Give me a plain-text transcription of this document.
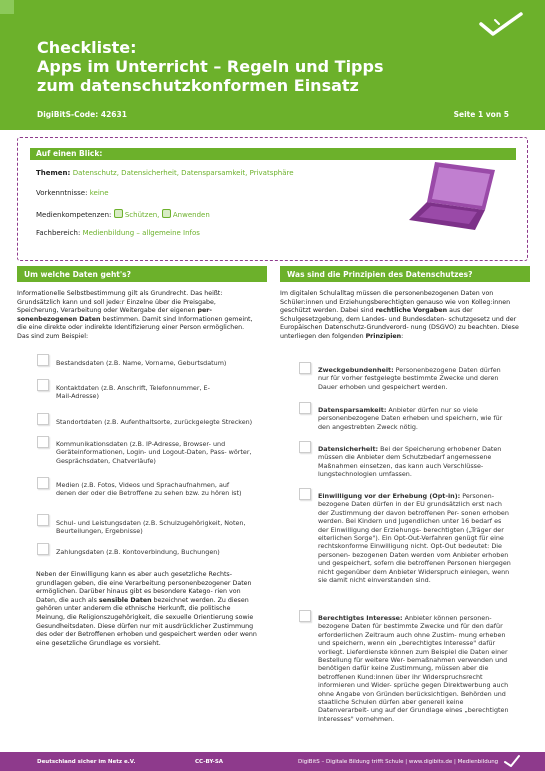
Checkliste:
Apps im Unterricht – Regeln und Tipps
zum datenschutzkonformen Einsatz
DigiBitS-Code: 42631	Seite 1 von 5
Auf einen Blick:
Themen: Datenschutz, Datensicherheit, Datensparsamkeit, Privatsphäre
Vorkenntnisse: keine
Medienkompetenzen:  Schützen, Anwenden
Fachbereich: Medienbildung – allgemeine Infos
Um welche Daten geht's?
Informationelle Selbstbestimmung gilt als Grundrecht. Das heißt: Grundsätzlich kann und soll jede:r Einzelne über die Preisgabe, Speicherung, Verarbeitung oder Weitergabe der eigenen per- sonenbezogenen Daten bestimmen. Damit sind Informationen gemeint, die eine direkte oder indirekte Identifizierung einer Person ermöglichen. Das sind zum Beispiel:
Bestandsdaten (z.B. Name, Vorname, Geburtsdatum)
Kontaktdaten (z.B. Anschrift, Telefonnummer, E-Mail-Adresse)
Standortdaten (z.B. Aufenthaltsorte, zurückgelegte Strecken)
Kommunikationsdaten (z.B. IP-Adresse, Browser- und Geräteinformationen, Login- und Logout-Daten, Pass- wörter, Gesprächsdaten, Chatverläufe)
Medien (z.B. Fotos, Videos und Sprachaufnahmen, auf denen der oder die Betroffene zu sehen bzw. zu hören ist)
Schul- und Leistungsdaten (z.B. Schulzugehörigkeit, Noten, Beurteilungen, Ergebnisse)
Zahlungsdaten (z.B. Kontoverbindung, Buchungen)
Neben der Einwilligung kann es aber auch gesetzliche Rechts- grundlagen geben, die eine Verarbeitung personenbezogener Daten ermöglichen. Darüber hinaus gibt es besondere Katego- rien von Daten, die auch als sensible Daten bezeichnet werden. Zu diesen gehören unter anderem die ethnische Herkunft, die politische Meinung, die Religionszugehörigkeit, die sexuelle Orientierung sowie Gesundheitsdaten. Diese dürfen nur mit ausdrücklicher Zustimmung des oder der Betroffenen erhoben und gespeichert werden oder wenn eine gesetzliche Grundlage es vorsieht.
Was sind die Prinzipien des Datenschutzes?
Im digitalen Schulalltag müssen die personenbezogenen Daten von Schüler:innen und Erziehungsberechtigten genauso wie von Kolleg:innen geschützt werden. Dabei sind rechtliche Vorgaben aus der Schulgesetzgebung, dem Landes- und Bundesdaten- schutzgesetz und der Europäischen Datenschutz-Grundverord- nung (DSGVO) zu beachten. Diese unterliegen den folgenden Prinzipien:
Zweckgebundenheit: Personenbezogene Daten dürfen nur für vorher festgelegte bestimmte Zwecke und deren Dauer erhoben und gespeichert werden.
Datensparsamkeit: Anbieter dürfen nur so viele personenbezogene Daten erheben und speichern, wie für den angestrebten Zweck nötig.
Datensicherheit: Bei der Speicherung erhobener Daten müssen die Anbieter dem Schutzbedarf angemessene Maßnahmen einsetzen, das kann auch Verschlüsse- lungstechnologien umfassen.
Einwilligung vor der Erhebung (Opt-in): Personen- bezogene Daten dürfen in der EU grundsätzlich erst nach der Zustimmung der davon betroffenen Per- sonen erhoben werden. Bei Kindern und Jugendlichen unter 16 bedarf es der Einwilligung der Erziehungs- berechtigten („Träger der elterlichen Sorge"). Ein Opt-Out-Verfahren genügt für eine rechtskonforme Einwilligung nicht. Opt-Out bedeutet: Die personen- bezogenen Daten werden vom Anbieter erhoben und gespeichert, sofern die betroffenen Personen hiergegen nicht gegenüber dem Anbieter Widerspruch einlegen, wenn sie damit nicht einverstanden sind.
Berechtigtes Interesse: Anbieter können personen- bezogene Daten für bestimmte Zwecke und für den dafür erforderlichen Zeitraum auch ohne Zustim- mung erheben und speichern, wenn ein „berechtigtes Interesse" dafür vorliegt. Lieferdienste können zum Beispiel die Daten einer Bestellung für weitere Wer- bemaßnahmen verwenden und benötigen dafür keine Zustimmung, müssen aber die betroffenen Kund:innen über ihr Widerspruchsrecht informieren und Wider- sprüche gegen Direktwerbung auch ohne Angabe von Gründen berücksichtigen. Behörden und staatliche Schulen dürfen aber generell keine Datenverarbeit- ung auf der Grundlage eines „berechtigten Interesses" vornehmen.
Deutschland sicher im Netz e.V.	CC-BY-SA	DigiBitS – Digitale Bildung trifft Schule | www.digibits.de | Medienbildung
